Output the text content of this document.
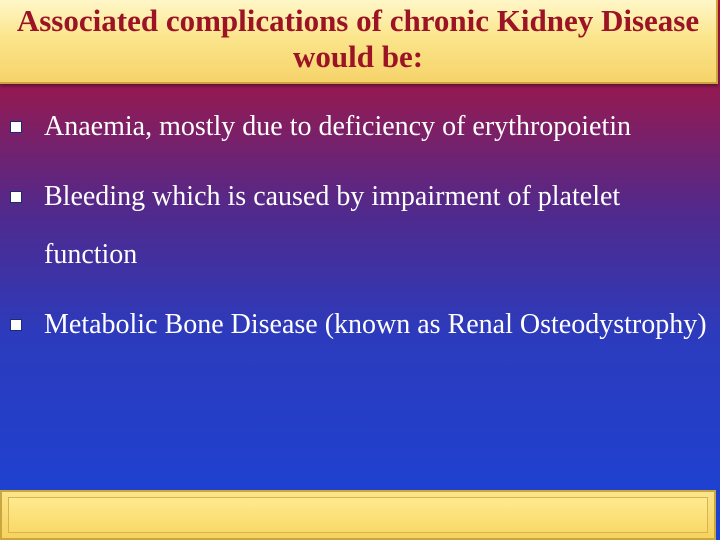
Associated complications of chronic Kidney Disease would be:
Anaemia, mostly due to deficiency of erythropoietin
Bleeding which is caused by impairment of platelet function
Metabolic Bone Disease (known as Renal Osteodystrophy)
